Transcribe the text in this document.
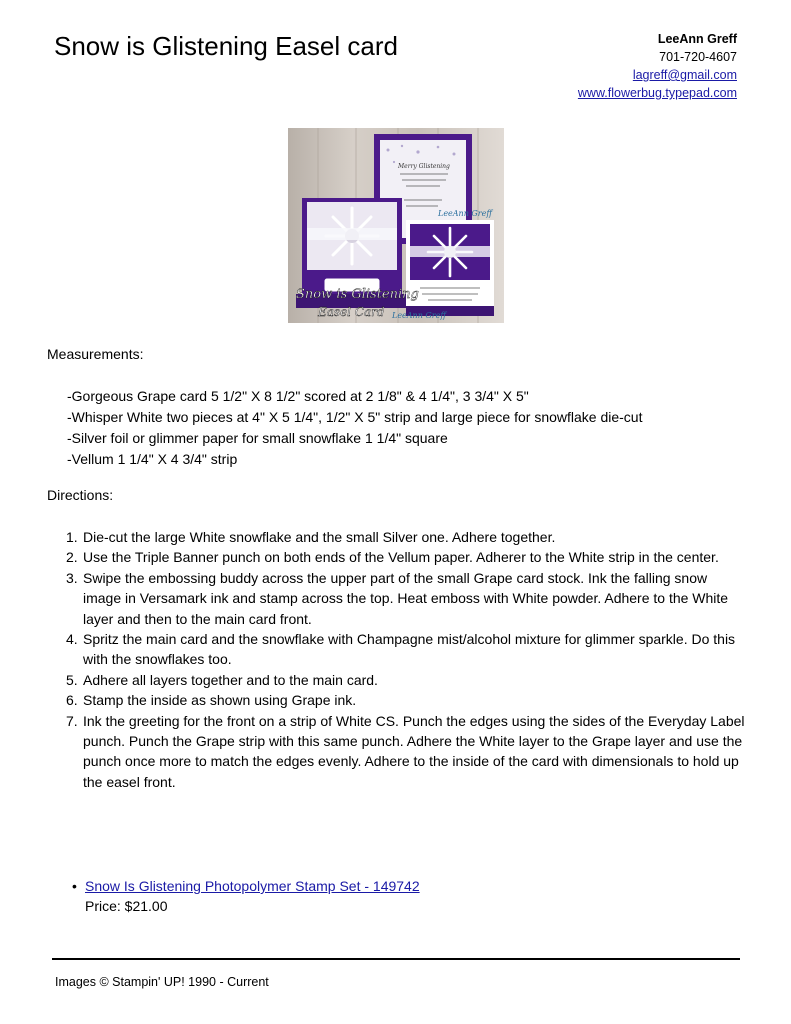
Snow is Glistening Easel card	LeeAnn Greff
701-720-4607
lagreff@gmail.com
www.flowerbug.typepad.com
Snow is Glistening
Easel Card
LeeAnn Greff
LeeAnn Greff
Merry Glistening
Measurements:
-Gorgeous Grape card 5 1/2" X 8 1/2" scored at 2 1/8" & 4 1/4", 3 3/4" X 5"
-Whisper White two pieces at 4" X 5 1/4", 1/2" X 5" strip and large piece for snowflake die-cut
-Silver foil or glimmer paper for small snowflake 1 1/4" square
-Vellum 1 1/4" X 4 3/4" strip
Directions:
1. Die-cut the large White snowflake and the small Silver one. Adhere together.
2. Use the Triple Banner punch on both ends of the Vellum paper. Adherer to the White strip in the center.
3. Swipe the embossing buddy across the upper part of the small Grape card stock. Ink the falling snow image in Versamark ink and stamp across the top. Heat emboss with White powder. Adhere to the White layer and then to the main card front.
4. Spritz the main card and the snowflake with Champagne mist/alcohol mixture for glimmer sparkle. Do this with the snowflakes too.
5. Adhere all layers together and to the main card.
6. Stamp the inside as shown using Grape ink.
7. Ink the greeting for the front on a strip of White CS. Punch the edges using the sides of the Everyday Label punch. Punch the Grape strip with this same punch. Adhere the White layer to the Grape layer and use the punch once more to match the edges evenly. Adhere to the inside of the card with dimensionals to hold up the easel front.
• Snow Is Glistening Photopolymer Stamp Set - 149742
Price: $21.00
Images © Stampin' UP! 1990 - Current
